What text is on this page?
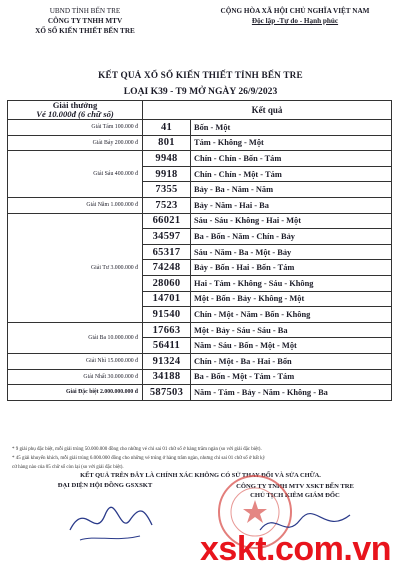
UBND TỈNH BẾN TRE
CÔNG TY TNHH MTV
XỔ SỐ KIẾN THIẾT BẾN TRE
CỘNG HÒA XÃ HỘI CHỦ NGHĨA VIỆT NAM
Độc lập -Tự do - Hạnh phúc
KẾT QUẢ XỔ SỐ KIẾN THIẾT TỈNH BẾN TRE
LOẠI K39 - T9 MỞ NGÀY 26/9/2023
Giải thưởng
Vé 10.000đ (6 chữ số)	Kết quả	
Giải Tám 100.000 đ	41	Bốn - Một
Giải Bảy 200.000 đ	801	Tám - Không - Một
Giải Sáu 400.000 đ	9948	Chín - Chín - Bốn - Tám
	9918	Chín - Chín - Một - Tám
	7355	Bảy - Ba - Năm - Năm
Giải Năm 1.000.000 đ	7523	Bảy - Năm - Hai - Ba
Giải Tư 3.000.000 đ	66021	Sáu - Sáu - Không - Hai - Một
	34597	Ba - Bốn - Năm - Chín - Bảy
	65317	Sáu - Năm - Ba - Một - Bảy
	74248	Bảy - Bốn - Hai - Bốn - Tám
	28060	Hai - Tám - Không - Sáu - Không
	14701	Một - Bốn - Bảy - Không - Một
	91540	Chín - Một - Năm - Bốn - Không
Giải Ba 10.000.000 đ	17663	Một - Bảy - Sáu - Sáu - Ba
	56411	Năm - Sáu - Bốn - Một - Một
Giải Nhì 15.000.000 đ	91324	Chín - Một - Ba - Hai - Bốn
Giải Nhất 30.000.000 đ	34188	Ba - Bốn - Một - Tám - Tám
Giải Đặc biệt 2.000.000.000 đ	587503	Năm - Tám - Bảy - Năm - Không - Ba
* 9 giải phụ đặc biệt, mỗi giải trúng 50.000.000 đồng cho những vé chỉ sai 01 chữ số ở hàng trăm ngàn (so với giải đặc biệt).
* 45 giải khuyến khích, mỗi giải trúng 6.000.000 đồng cho những vé trúng ở hàng trăm ngàn, nhưng chỉ sai 01 chữ số ở bất kỳ
cứ hàng nào của 05 chữ số còn lại (so với giải đặc biệt).
KẾT QUẢ TRÊN ĐÂY LÀ CHÍNH XÁC KHÔNG CÓ SỬ THAY ĐỔI VÀ SỬA CHỮA.
ĐẠI DIỆN HỘI ĐỒNG GSXSKT	CÔNG TY TNHH MTV XSKT BẾN TRE
CHỦ TỊCH KIÊM GIÁM ĐỐC
xskt.com.vn
